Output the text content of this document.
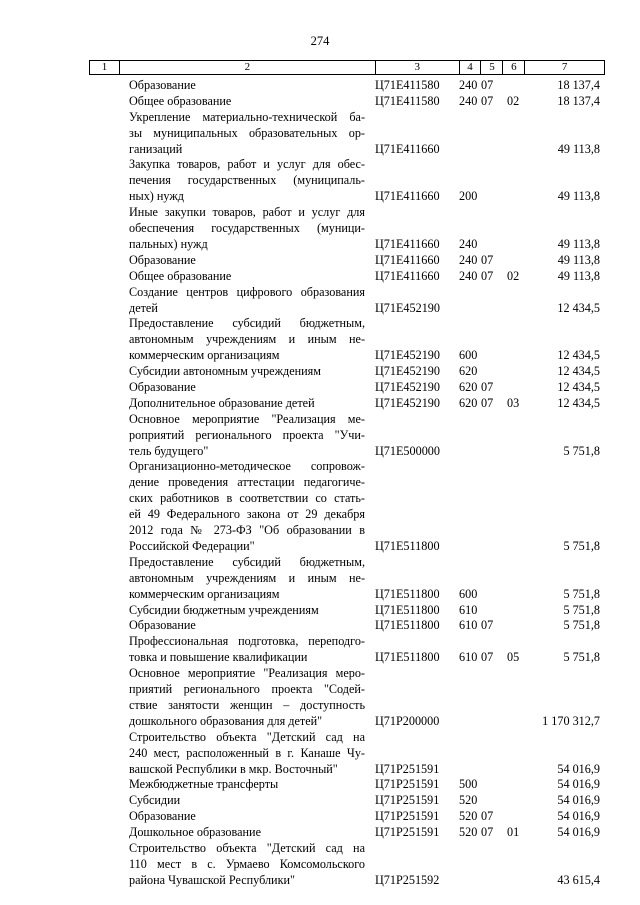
274
1	2	3	4	5	6	7
Образование	Ц71Е411580 240 07	18 137,4
Общее образование	Ц71Е411580 240 07 02	18 137,4
Укрепление материально-технической ба-
зы муниципальных образовательных ор-
ганизаций	Ц71Е411660	49 113,8
Закупка товаров, работ и услуг для обес-
печения государственных (муниципаль-
ных) нужд	Ц71Е411660 200	49 113,8
Иные закупки товаров, работ и услуг для
обеспечения государственных (муници-
пальных) нужд	Ц71Е411660 240	49 113,8
Образование	Ц71Е411660 240 07	49 113,8
Общее образование	Ц71Е411660 240 07 02	49 113,8
Создание центров цифрового образования
детей	Ц71Е452190	12 434,5
Предоставление субсидий бюджетным,
автономным учреждениям и иным не-
коммерческим организациям	Ц71Е452190 600	12 434,5
Субсидии автономным учреждениям	Ц71Е452190 620	12 434,5
Образование	Ц71Е452190 620 07	12 434,5
Дополнительное образование детей	Ц71Е452190 620 07 03	12 434,5
Основное мероприятие "Реализация ме-
роприятий регионального проекта "Учи-
тель будущего"	Ц71Е500000	5 751,8
Организационно-методическое сопровож-
дение проведения аттестации педагогиче-
ских работников в соответствии со стать-
ей 49 Федерального закона от 29 декабря
2012 года № 273-ФЗ "Об образовании в
Российской Федерации"	Ц71Е511800	5 751,8
Предоставление субсидий бюджетным,
автономным учреждениям и иным не-
коммерческим организациям	Ц71Е511800 600	5 751,8
Субсидии бюджетным учреждениям	Ц71Е511800 610	5 751,8
Образование	Ц71Е511800 610 07	5 751,8
Профессиональная подготовка, переподго-
товка и повышение квалификации	Ц71Е511800 610 07 05	5 751,8
Основное мероприятие "Реализация меро-
приятий регионального проекта "Содей-
ствие занятости женщин – доступность
дошкольного образования для детей"	Ц71Р200000	1 170 312,7
Строительство объекта "Детский сад на
240 мест, расположенный в г. Канаше Чу-
вашской Республики в мкр. Восточный"	Ц71Р251591	54 016,9
Межбюджетные трансферты	Ц71Р251591 500	54 016,9
Субсидии	Ц71Р251591 520	54 016,9
Образование	Ц71Р251591 520 07	54 016,9
Дошкольное образование	Ц71Р251591 520 07 01	54 016,9
Строительство объекта "Детский сад на
110 мест в с. Урмаево Комсомольского
района Чувашской Республики"	Ц71Р251592	43 615,4
